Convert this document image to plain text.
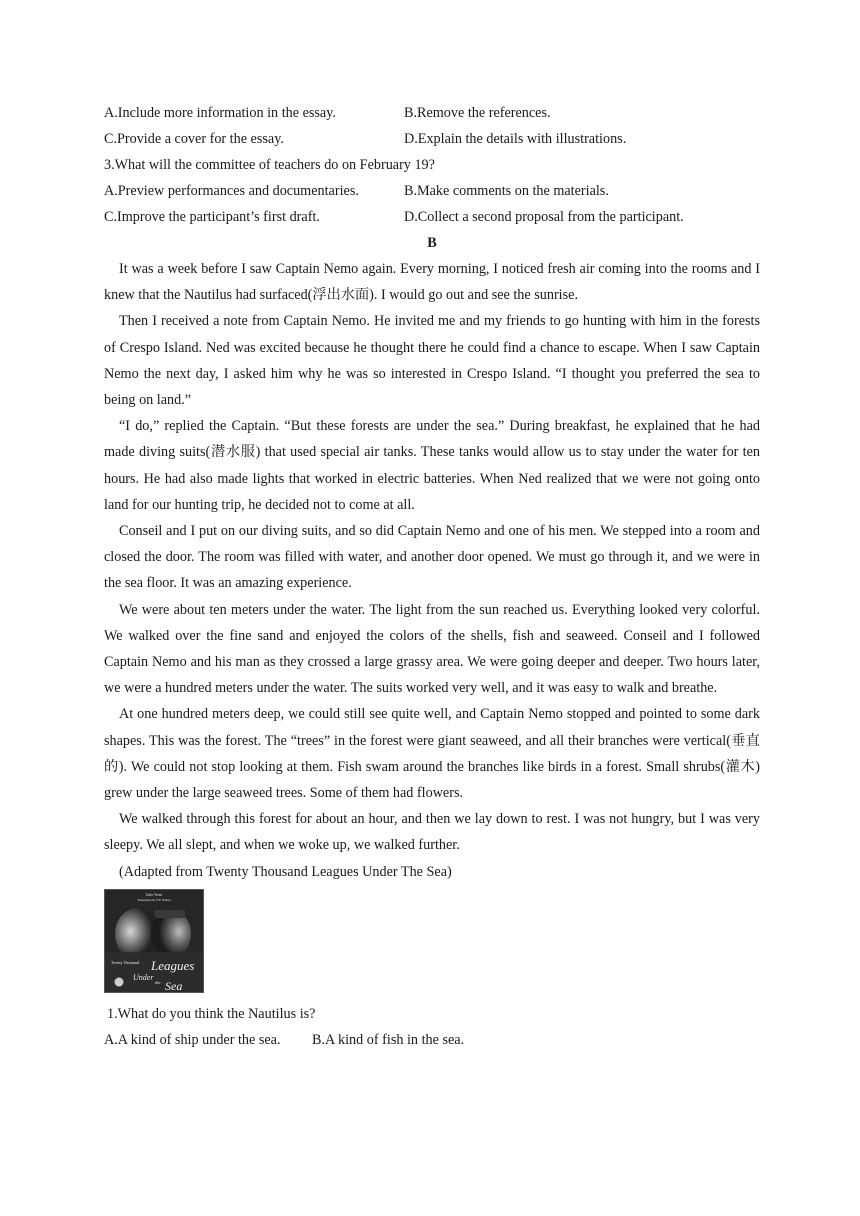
A.Include more information in the essay.	B.Remove the references.
C.Provide a cover for the essay.	D.Explain the details with illustrations.
3.What will the committee of teachers do on February 19?
A.Preview performances and documentaries.	B.Make comments on the materials.
C.Improve the participant’s first draft.	D.Collect a second proposal from the participant.
B

It was a week before I saw Captain Nemo again. Every morning, I noticed fresh air coming into the rooms and I knew that the Nautilus had surfaced(浮出水面). I would go out and see the sunrise.

Then I received a note from Captain Nemo. He invited me and my friends to go hunting with him in the forests of Crespo Island. Ned was excited because he thought there he could find a chance to escape. When I saw Captain Nemo the next day, I asked him why he was so interested in Crespo Island. “I thought you preferred the sea to being on land.”

“I do,” replied the Captain. “But these forests are under the sea.” During breakfast, he explained that he had made diving suits(潜水服) that used special air tanks. These tanks would allow us to stay under the water for ten hours. He had also made lights that worked in electric batteries. When Ned realized that we were not going onto land for our hunting trip, he decided not to come at all.

Conseil and I put on our diving suits, and so did Captain Nemo and one of his men. We stepped into a room and closed the door. The room was filled with water, and another door opened. We must go through it, and we were in the sea floor. It was an amazing experience.

We were about ten meters under the water. The light from the sun reached us. Everything looked very colorful. We walked over the fine sand and enjoyed the colors of the shells, fish and seaweed. Conseil and I followed Captain Nemo and his man as they crossed a large grassy area. We were going deeper and deeper. Two hours later, we were a hundred meters under the water. The suits worked very well, and it was easy to walk and breathe.

At one hundred meters deep, we could still see quite well, and Captain Nemo stopped and pointed to some dark shapes. This was the forest. The “trees” in the forest were giant seaweed, and all their branches were vertical(垂直的). We could not stop looking at them. Fish swam around the branches like birds in a forest. Small shrubs(灌木) grew under the large seaweed trees. Some of them had flowers.

We walked through this forest for about an hour, and then we lay down to rest. I was not hungry, but I was very sleepy. We all slept, and when we woke up, we walked further.

(Adapted from Twenty Thousand Leagues Under The Sea)
Jules Verne
Translated by F.P. Walter
Twenty Thousand Leagues
Under
the Sea
1.What do you think the Nautilus is?
A.A kind of ship under the sea. B.A kind of fish in the sea.
